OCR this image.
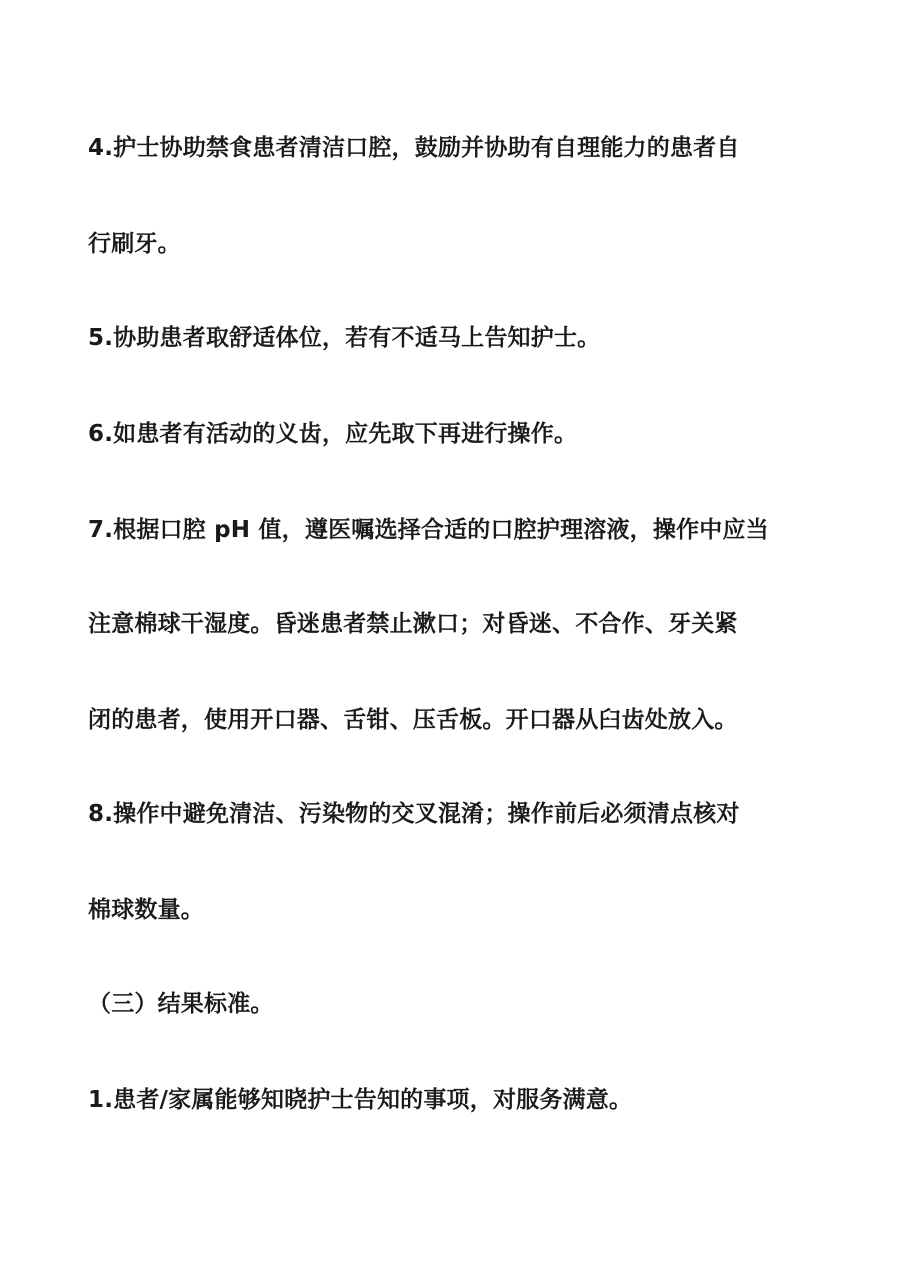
4.护士协助禁食患者清洁口腔，鼓励并协助有自理能力的患者自

行刷牙。

5.协助患者取舒适体位，若有不适马上告知护士。

6.如患者有活动的义齿，应先取下再进行操作。

7.根据口腔 pH 值，遵医嘱选择合适的口腔护理溶液，操作中应当

注意棉球干湿度。昏迷患者禁止漱口；对昏迷、不合作、牙关紧

闭的患者，使用开口器、舌钳、压舌板。开口器从臼齿处放入。

8.操作中避免清洁、污染物的交叉混淆；操作前后必须清点核对

棉球数量。

（三）结果标准。

1.患者/家属能够知晓护士告知的事项，对服务满意。
